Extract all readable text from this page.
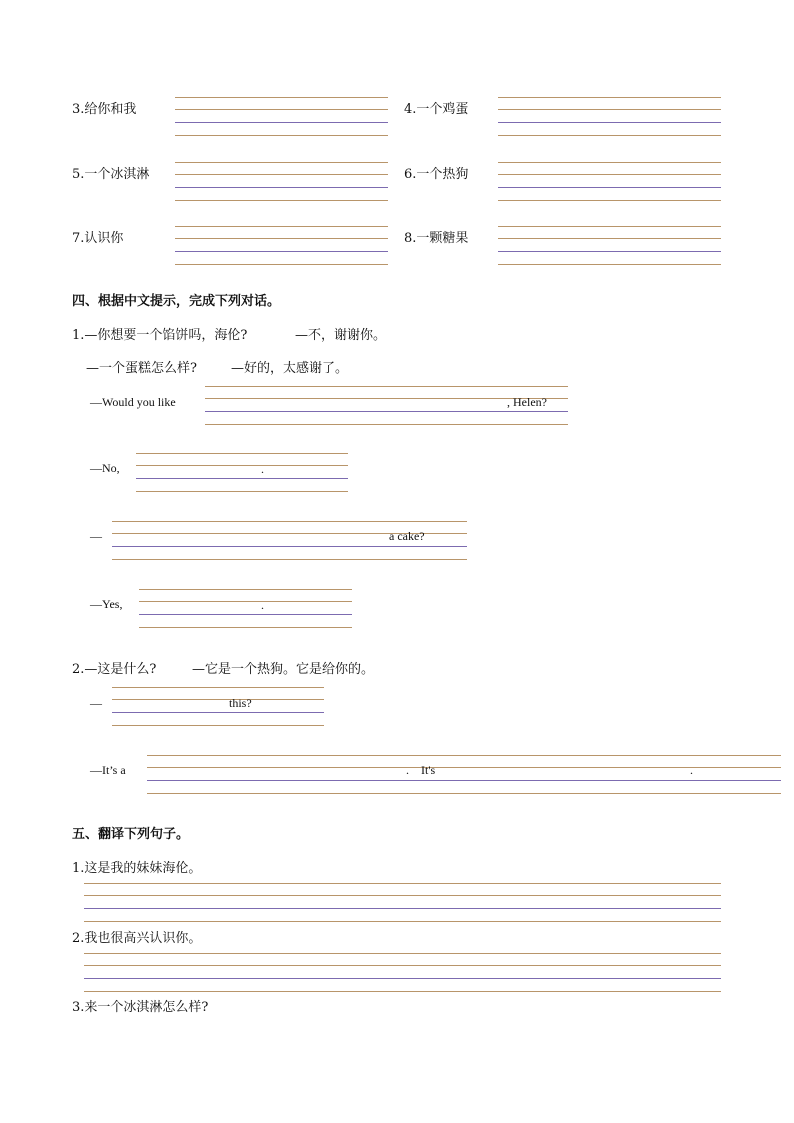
3.给你和我	4.一个鸡蛋
5.一个冰淇淋	6.一个热狗
7.认识你	8.一颗糖果
四、根据中文提示，完成下列对话。
1.—你想要一个馅饼吗，海伦?	—不，谢谢你。
—一个蛋糕怎么样?	—好的，太感谢了。
—Would you like	, Helen?
—No,	.
—	a cake?
—Yes,	.
2.—这是什么?	—它是一个热狗。它是给你的。
—	this?
—It’s a	. It's	.
五、翻译下列句子。
1.这是我的妹妹海伦。
2.我也很高兴认识你。
3.来一个冰淇淋怎么样?
